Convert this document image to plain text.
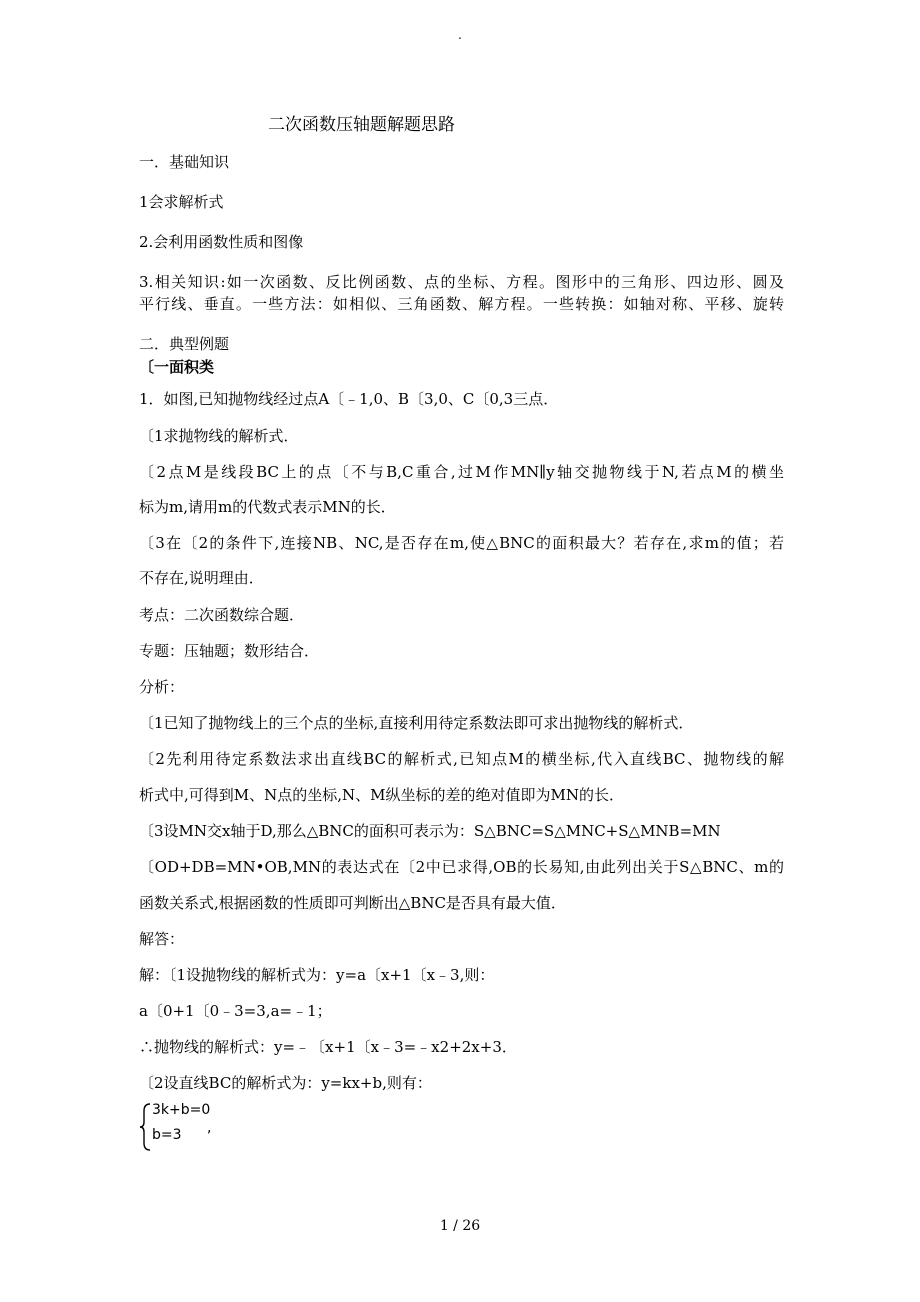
.
二次函数压轴题解题思路
一．基础知识
1会求解析式
2.会利用函数性质和图像
3.相关知识:如一次函数、反比例函数、点的坐标、方程。图形中的三角形、四边形、圆及
平行线、垂直。一些方法：如相似、三角函数、解方程。一些转换：如轴对称、平移、旋转
二．典型例题
〔一面积类
1．如图,已知抛物线经过点A〔﹣1,0、B〔3,0、C〔0,3三点．
〔1求抛物线的解析式．
〔2点M是线段BC上的点〔不与B,C重合,过M作MN∥y轴交抛物线于N,若点M的横坐
标为m,请用m的代数式表示MN的长．
〔3在〔2的条件下,连接NB、NC,是否存在m,使△BNC的面积最大？若存在,求m的值；若
不存在,说明理由．
考点：二次函数综合题．
专题：压轴题；数形结合．
分析：
〔1已知了抛物线上的三个点的坐标,直接利用待定系数法即可求出抛物线的解析式．
〔2先利用待定系数法求出直线BC的解析式,已知点M的横坐标,代入直线BC、抛物线的解
析式中,可得到M、N点的坐标,N、M纵坐标的差的绝对值即为MN的长．
〔3设MN交x轴于D,那么△BNC的面积可表示为：S△BNC=S△MNC+S△MNB=MN
〔OD+DB=MN•OB,MN的表达式在〔2中已求得,OB的长易知,由此列出关于S△BNC、m的
函数关系式,根据函数的性质即可判断出△BNC是否具有最大值．
解答：
解：〔1设抛物线的解析式为：y=a〔x+1〔x﹣3,则：
a〔0+1〔0﹣3=3,a=﹣1；
∴抛物线的解析式：y=﹣〔x+1〔x﹣3=﹣x2+2x+3．
〔2设直线BC的解析式为：y=kx+b,则有：
3k+b=0
b=3 ,
1 / 26
